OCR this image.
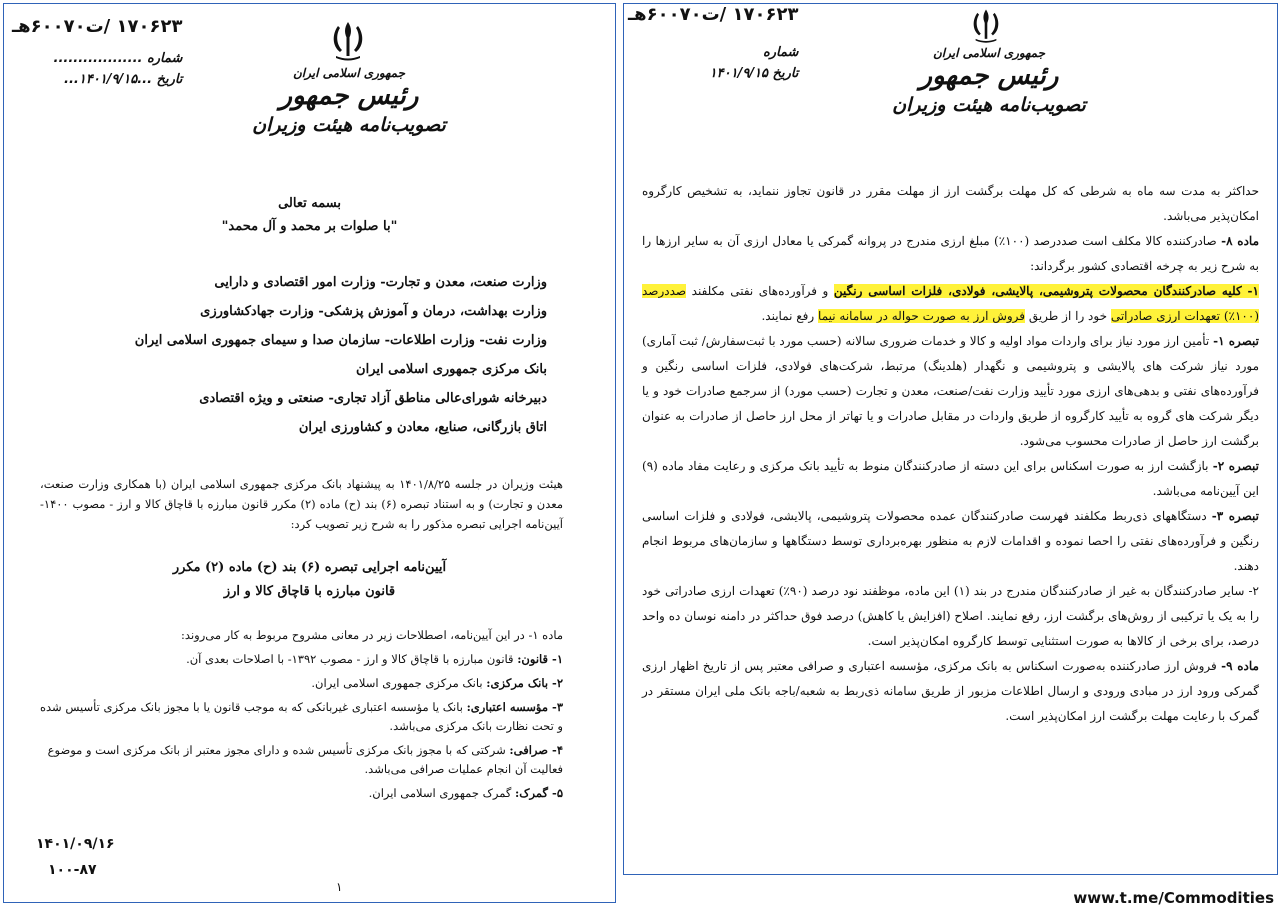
۱۷۰۶۲۳ /ت۶۰۰۷۰هـ
شماره ..................
تاریخ ...۱۴۰۱/۹/۱۵...	جمهوری اسلامی ایران
رئیس جمهور
تصویب‌نامه هیئت وزیران

بسمه تعالی

"با صلوات بر محمد و آل محمد"

وزارت صنعت، معدن و تجارت- وزارت امور اقتصادی و دارایی
وزارت بهداشت، درمان و آموزش پزشکی- وزارت جهادکشاورزی
وزارت نفت- وزارت اطلاعات- سازمان صدا و سیمای جمهوری اسلامی ایران
بانک مرکزی جمهوری اسلامی ایران
دبیرخانه شورای‌عالی مناطق آزاد تجاری- صنعتی و ویژه اقتصادی
اتاق بازرگانی، صنایع، معادن و کشاورزی ایران

هیئت وزیران در جلسه ۱۴۰۱/۸/۲۵ به پیشنهاد بانک مرکزی جمهوری اسلامی ایران (با همکاری وزارت صنعت، معدن و تجارت) و به استناد تبصره (۶) بند (ح) ماده (۲) مکرر قانون مبارزه با قاچاق کالا و ارز - مصوب ۱۴۰۰- آیین‌نامه اجرایی تبصره مذکور را به شرح زیر تصویب کرد:

آیین‌نامه اجرایی تبصره (۶) بند (ح) ماده (۲) مکرر

قانون مبارزه با قاچاق کالا و ارز

ماده ۱- در این آیین‌نامه، اصطلاحات زیر در معانی مشروح مربوط به کار می‌روند:

۱- قانون: قانون مبارزه با قاچاق کالا و ارز - مصوب ۱۳۹۲- با اصلاحات بعدی آن.

۲- بانک مرکزی: بانک مرکزی جمهوری اسلامی ایران.

۳- مؤسسه اعتباری: بانک یا مؤسسه اعتباری غیربانکی که به موجب قانون یا با مجوز بانک مرکزی تأسیس شده و تحت نظارت بانک مرکزی می‌باشد.

۴- صرافی: شرکتی که با مجوز بانک مرکزی تأسیس شده و دارای مجوز معتبر از بانک مرکزی است و موضوع فعالیت آن انجام عملیات صرافی می‌باشد.

۵- گمرک: گمرک جمهوری اسلامی ایران.

۱۴۰۱/۰۹/۱۶
۱۰۰-۸۷
۱
۱۷۰۶۲۳ /ت۶۰۰۷۰هـ
شماره
تاریخ ۱۴۰۱/۹/۱۵
جمهوری اسلامی ایران
رئیس جمهور
تصویب‌نامه هیئت وزیران

حداکثر به مدت سه ماه به شرطی که کل مهلت برگشت ارز از مهلت مقرر در قانون تجاوز ننماید، به تشخیص کارگروه امکان‌پذیر می‌باشد.

ماده ۸- صادرکننده کالا مکلف است صددرصد (۱۰۰٪) مبلغ ارزی مندرج در پروانه گمرکی یا معادل ارزی آن به سایر ارزها را به شرح زیر به چرخه اقتصادی کشور برگرداند:

۱- کلیه صادرکنندگان محصولات پتروشیمی، پالایشی، فولادی، فلزات اساسی رنگین و فرآورده‌های نفتی مکلفند صددرصد (۱۰۰٪) تعهدات ارزی صادراتی خود را از طریق فروش ارز به صورت حواله در سامانه نیما رفع نمایند.

تبصره ۱- تأمین ارز مورد نیاز برای واردات مواد اولیه و کالا و خدمات ضروری سالانه (حسب مورد با ثبت‌سفارش/ ثبت آماری) مورد نیاز شرکت های پالایشی و پتروشیمی و نگهدار (هلدینگ) مرتبط، شرکت‌های فولادی، فلزات اساسی رنگین و فرآورده‌های نفتی و بدهی‌های ارزی مورد تأیید وزارت نفت/صنعت، معدن و تجارت (حسب مورد) از سرجمع صادرات خود و یا دیگر شرکت های گروه به تأیید کارگروه از طریق واردات در مقابل صادرات و یا تهاتر از محل ارز حاصل از صادرات به عنوان برگشت ارز حاصل از صادرات محسوب می‌شود.

تبصره ۲- بازگشت ارز به صورت اسکناس برای این دسته از صادرکنندگان منوط به تأیید بانک مرکزی و رعایت مفاد ماده (۹) این آیین‌نامه می‌باشد.

تبصره ۳- دستگاههای ذی‌ربط مکلفند فهرست صادرکنندگان عمده محصولات پتروشیمی، پالایشی، فولادی و فلزات اساسی رنگین و فرآورده‌های نفتی را احصا نموده و اقدامات لازم به منظور بهره‌برداری توسط دستگاهها و سازمان‌های مربوط انجام دهند.

۲- سایر صادرکنندگان به غیر از صادرکنندگان مندرج در بند (۱) این ماده، موظفند نود درصد (۹۰٪) تعهدات ارزی صادراتی خود را به یک یا ترکیبی از روش‌های برگشت ارز، رفع نمایند. اصلاح (افزایش یا کاهش) درصد فوق حداکثر در دامنه نوسان ده واحد درصد، برای برخی از کالاها به صورت استثنایی توسط کارگروه امکان‌پذیر است.

ماده ۹- فروش ارز صادرکننده به‌صورت اسکناس به بانک مرکزی، مؤسسه اعتباری و صرافی معتبر پس از تاریخ اظهار ارزی گمرکی ورود ارز در مبادی ورودی و ارسال اطلاعات مزبور از طریق سامانه ذی‌ربط به شعبه/باجه بانک ملی ایران مستقر در گمرک با رعایت مهلت برگشت ارز امکان‌پذیر است.

www.t.me/Commodities
